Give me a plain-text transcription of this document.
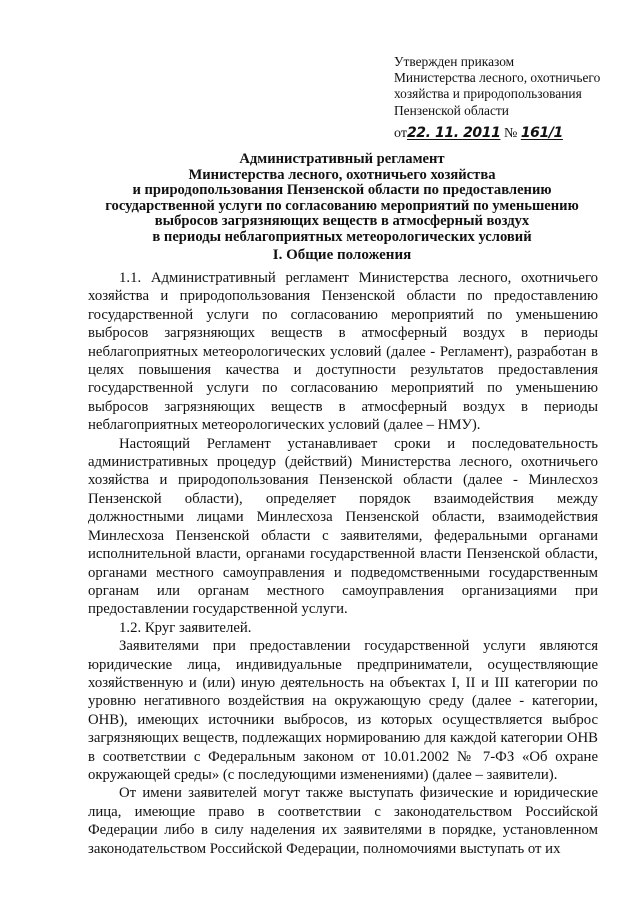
Утвержден приказом
Министерства лесного, охотничьего
хозяйства и природопользования
Пензенской области
от22. 11. 2011 № 161/1
Административный регламент
Министерства лесного, охотничьего хозяйства
и природопользования Пензенской области по предоставлению
государственной услуги по согласованию мероприятий по уменьшению
выбросов загрязняющих веществ в атмосферный воздух
в периоды неблагоприятных метеорологических условий
I. Общие положения

1.1. Административный регламент Министерства лесного, охотничьего хозяйства и природопользования Пензенской области по предоставлению государственной услуги по согласованию мероприятий по уменьшению выбросов загрязняющих веществ в атмосферный воздух в периоды неблагоприятных метеорологических условий (далее - Регламент), разработан в целях повышения качества и доступности результатов предоставления государственной услуги по согласованию мероприятий по уменьшению выбросов загрязняющих веществ в атмосферный воздух в периоды неблагоприятных метеорологических условий (далее – НМУ).

Настоящий Регламент устанавливает сроки и последовательность административных процедур (действий) Министерства лесного, охотничьего хозяйства и природопользования Пензенской области (далее - Минлесхоз Пензенской области), определяет порядок взаимодействия между должностными лицами Минлесхоза Пензенской области, взаимодействия Минлесхоза Пензенской области с заявителями, федеральными органами исполнительной власти, органами государственной власти Пензенской области, органами местного самоуправления и подведомственными государственным органам или органам местного самоуправления организациями при предоставлении государственной услуги.

1.2. Круг заявителей.

Заявителями при предоставлении государственной услуги являются юридические лица, индивидуальные предприниматели, осуществляющие хозяйственную и (или) иную деятельность на объектах I, II и III категории по уровню негативного воздействия на окружающую среду (далее - категории, ОНВ), имеющих источники выбросов, из которых осуществляется выброс загрязняющих веществ, подлежащих нормированию для каждой категории ОНВ в соответствии с Федеральным законом от 10.01.2002 № 7-ФЗ «Об охране окружающей среды» (с последующими изменениями) (далее – заявители).

От имени заявителей могут также выступать физические и юридические лица, имеющие право в соответствии с законодательством Российской Федерации либо в силу наделения их заявителями в порядке, установленном законодательством Российской Федерации, полномочиями выступать от их
